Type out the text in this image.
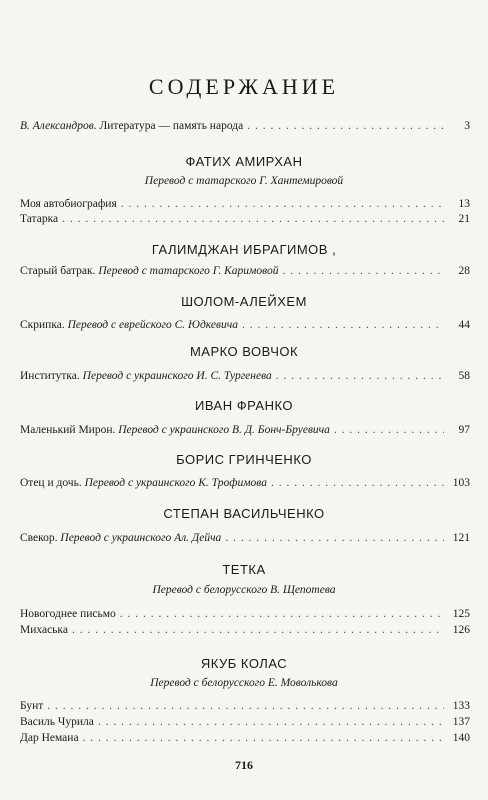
СОДЕРЖАНИЕ
В. Александров. Литература — память народа . . .	3
ФАТИХ АМИРХАН
Перевод с татарского Г. Хантемировой
Моя автобиография . . .	13
Татарка . . .	21
ГАЛИМДЖАН ИБРАГИМОВ ,
Старый батрак. Перевод с татарского Г. Каримовой . . .	28
ШОЛОМ-АЛЕЙХЕМ
Скрипка. Перевод с еврейского С. Юдкевича . . .	44
МАРКО ВОВЧОК
Институтка. Перевод с украинского И. С. Тургенева . . .	58
ИВАН ФРАНКО
Маленький Мирон. Перевод с украинского В. Д. Бонч-Бруевича . . .	97
БОРИС ГРИНЧЕНКО
Отец и дочь. Перевод с украинского К. Трофимова . . .	103
СТЕПАН ВАСИЛЬЧЕНКО
Свекор. Перевод с украинского Ал. Дейча . . .	121
ТЕТКА
Перевод с белорусского В. Щепотева
Новогоднее письмо . . .	125
Михаська . . .	126
ЯКУБ КОЛАС
Перевод с белорусского Е. Мовольковa
Бунт . . .	133
Василь Чурила . . .	137
Дар Немана . . .	140
716
